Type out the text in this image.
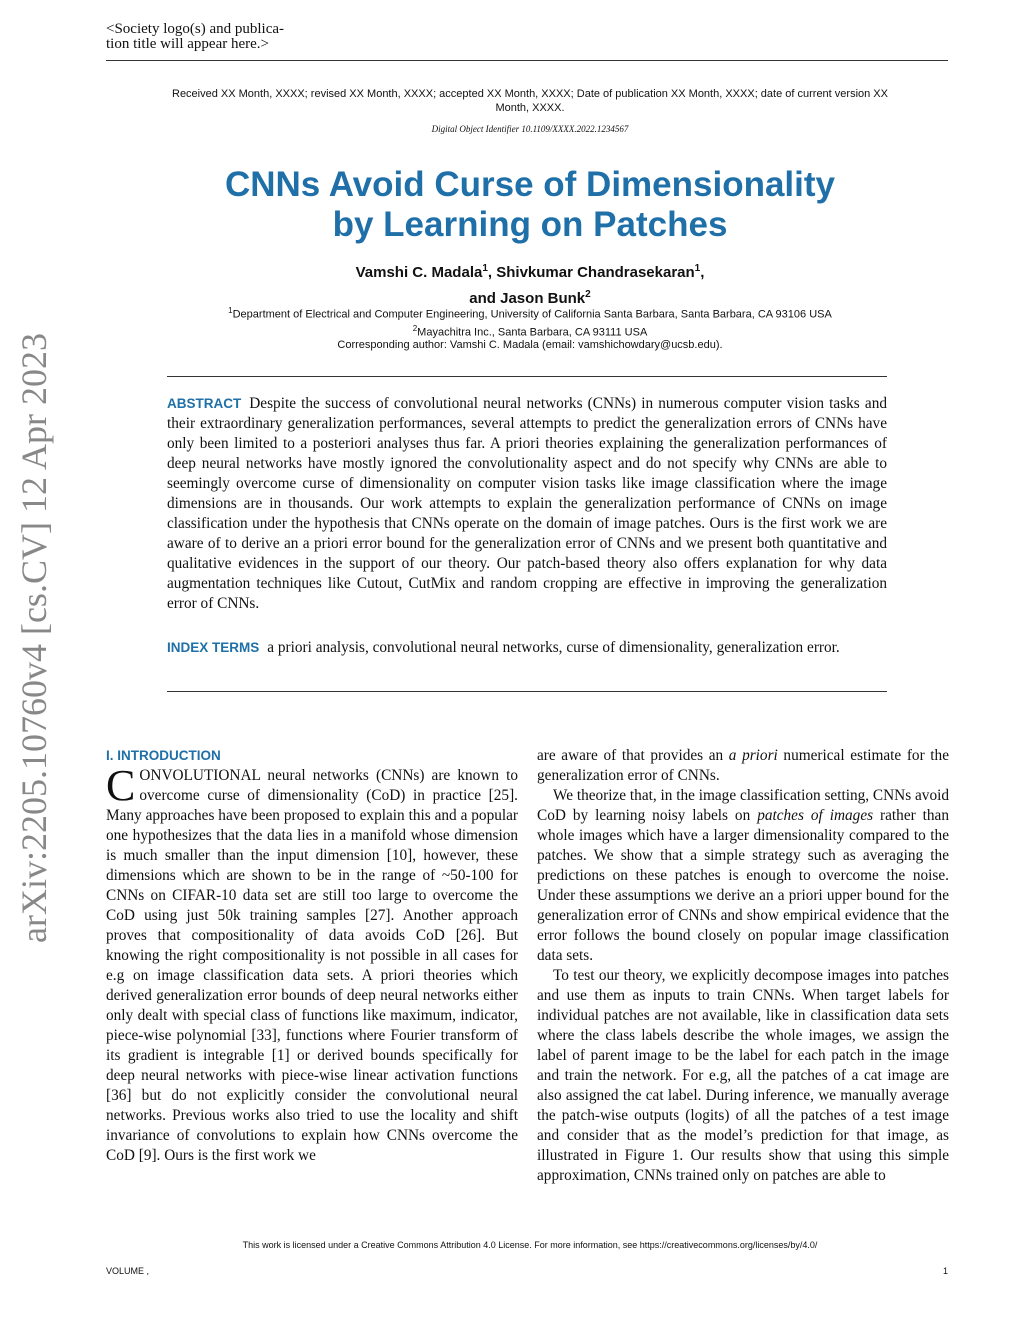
<Society logo(s) and publica-
tion title will appear here.>
Received XX Month, XXXX; revised XX Month, XXXX; accepted XX Month, XXXX; Date of publication XX Month, XXXX; date of current version XX Month, XXXX.
Digital Object Identifier 10.1109/XXXX.2022.1234567
CNNs Avoid Curse of Dimensionality
by Learning on Patches
Vamshi C. Madala$^1$, Shivkumar Chandrasekaran$^1$,
and Jason Bunk$^2$
$^1$Department of Electrical and Computer Engineering, University of California Santa Barbara, Santa Barbara, CA 93106 USA
$^2$Mayachitra Inc., Santa Barbara, CA 93111 USA
Corresponding author: Vamshi C. Madala (email: vamshichowdary@ucsb.edu).
arXiv:2205.10760v4 [cs.CV] 12 Apr 2023	ABSTRACT Despite the success of convolutional neural networks (CNNs) in numerous computer vision tasks and their extraordinary generalization performances, several attempts to predict the generalization errors of CNNs have only been limited to a posteriori analyses thus far. A priori theories explaining the generalization performances of deep neural networks have mostly ignored the convolutionality aspect and do not specify why CNNs are able to seemingly overcome curse of dimensionality on computer vision tasks like image classification where the image dimensions are in thousands. Our work attempts to explain the generalization performance of CNNs on image classification under the hypothesis that CNNs operate on the domain of image patches. Ours is the first work we are aware of to derive an a priori error bound for the generalization error of CNNs and we present both quantitative and qualitative evidences in the support of our theory. Our patch-based theory also offers explanation for why data augmentation techniques like Cutout, CutMix and random cropping are effective in improving the generalization error of CNNs.
INDEX TERMS a priori analysis, convolutional neural networks, curse of dimensionality, generalization error.
I. INTRODUCTION

CONVOLUTIONAL neural networks (CNNs) are known to overcome curse of dimensionality (CoD) in practice [25]. Many approaches have been proposed to explain this and a popular one hypothesizes that the data lies in a manifold whose dimension is much smaller than the input dimension [10], however, these dimensions which are shown to be in the range of ~50-100 for CNNs on CIFAR-10 data set are still too large to overcome the CoD using just 50k training samples [27]. Another approach proves that compositionality of data avoids CoD [26]. But knowing the right compositionality is not possible in all cases for e.g on image classification data sets. A priori theories which derived generalization error bounds of deep neural networks either only dealt with special class of functions like maximum, indicator, piece-wise polynomial [33], functions where Fourier transform of its gradient is integrable [1] or derived bounds specifically for deep neural networks with piece-wise linear activation functions [36] but do not explicitly consider the convolutional neural networks. Previous works also tried to use the locality and shift invariance of convolutions to explain how CNNs overcome the CoD [9]. Ours is the first work we

are aware of that provides an a priori numerical estimate for the generalization error of CNNs.

We theorize that, in the image classification setting, CNNs avoid CoD by learning noisy labels on patches of images rather than whole images which have a larger dimensionality compared to the patches. We show that a simple strategy such as averaging the predictions on these patches is enough to overcome the noise. Under these assumptions we derive an a priori upper bound for the generalization error of CNNs and show empirical evidence that the error follows the bound closely on popular image classification data sets.

To test our theory, we explicitly decompose images into patches and use them as inputs to train CNNs. When target labels for individual patches are not available, like in classification data sets where the class labels describe the whole images, we assign the label of parent image to be the label for each patch in the image and train the network. For e.g, all the patches of a cat image are also assigned the cat label. During inference, we manually average the patch-wise outputs (logits) of all the patches of a test image and consider that as the model’s prediction for that image, as illustrated in Figure 1. Our results show that using this simple approximation, CNNs trained only on patches are able to

This work is licensed under a Creative Commons Attribution 4.0 License. For more information, see https://creativecommons.org/licenses/by/4.0/
VOLUME ,	1
